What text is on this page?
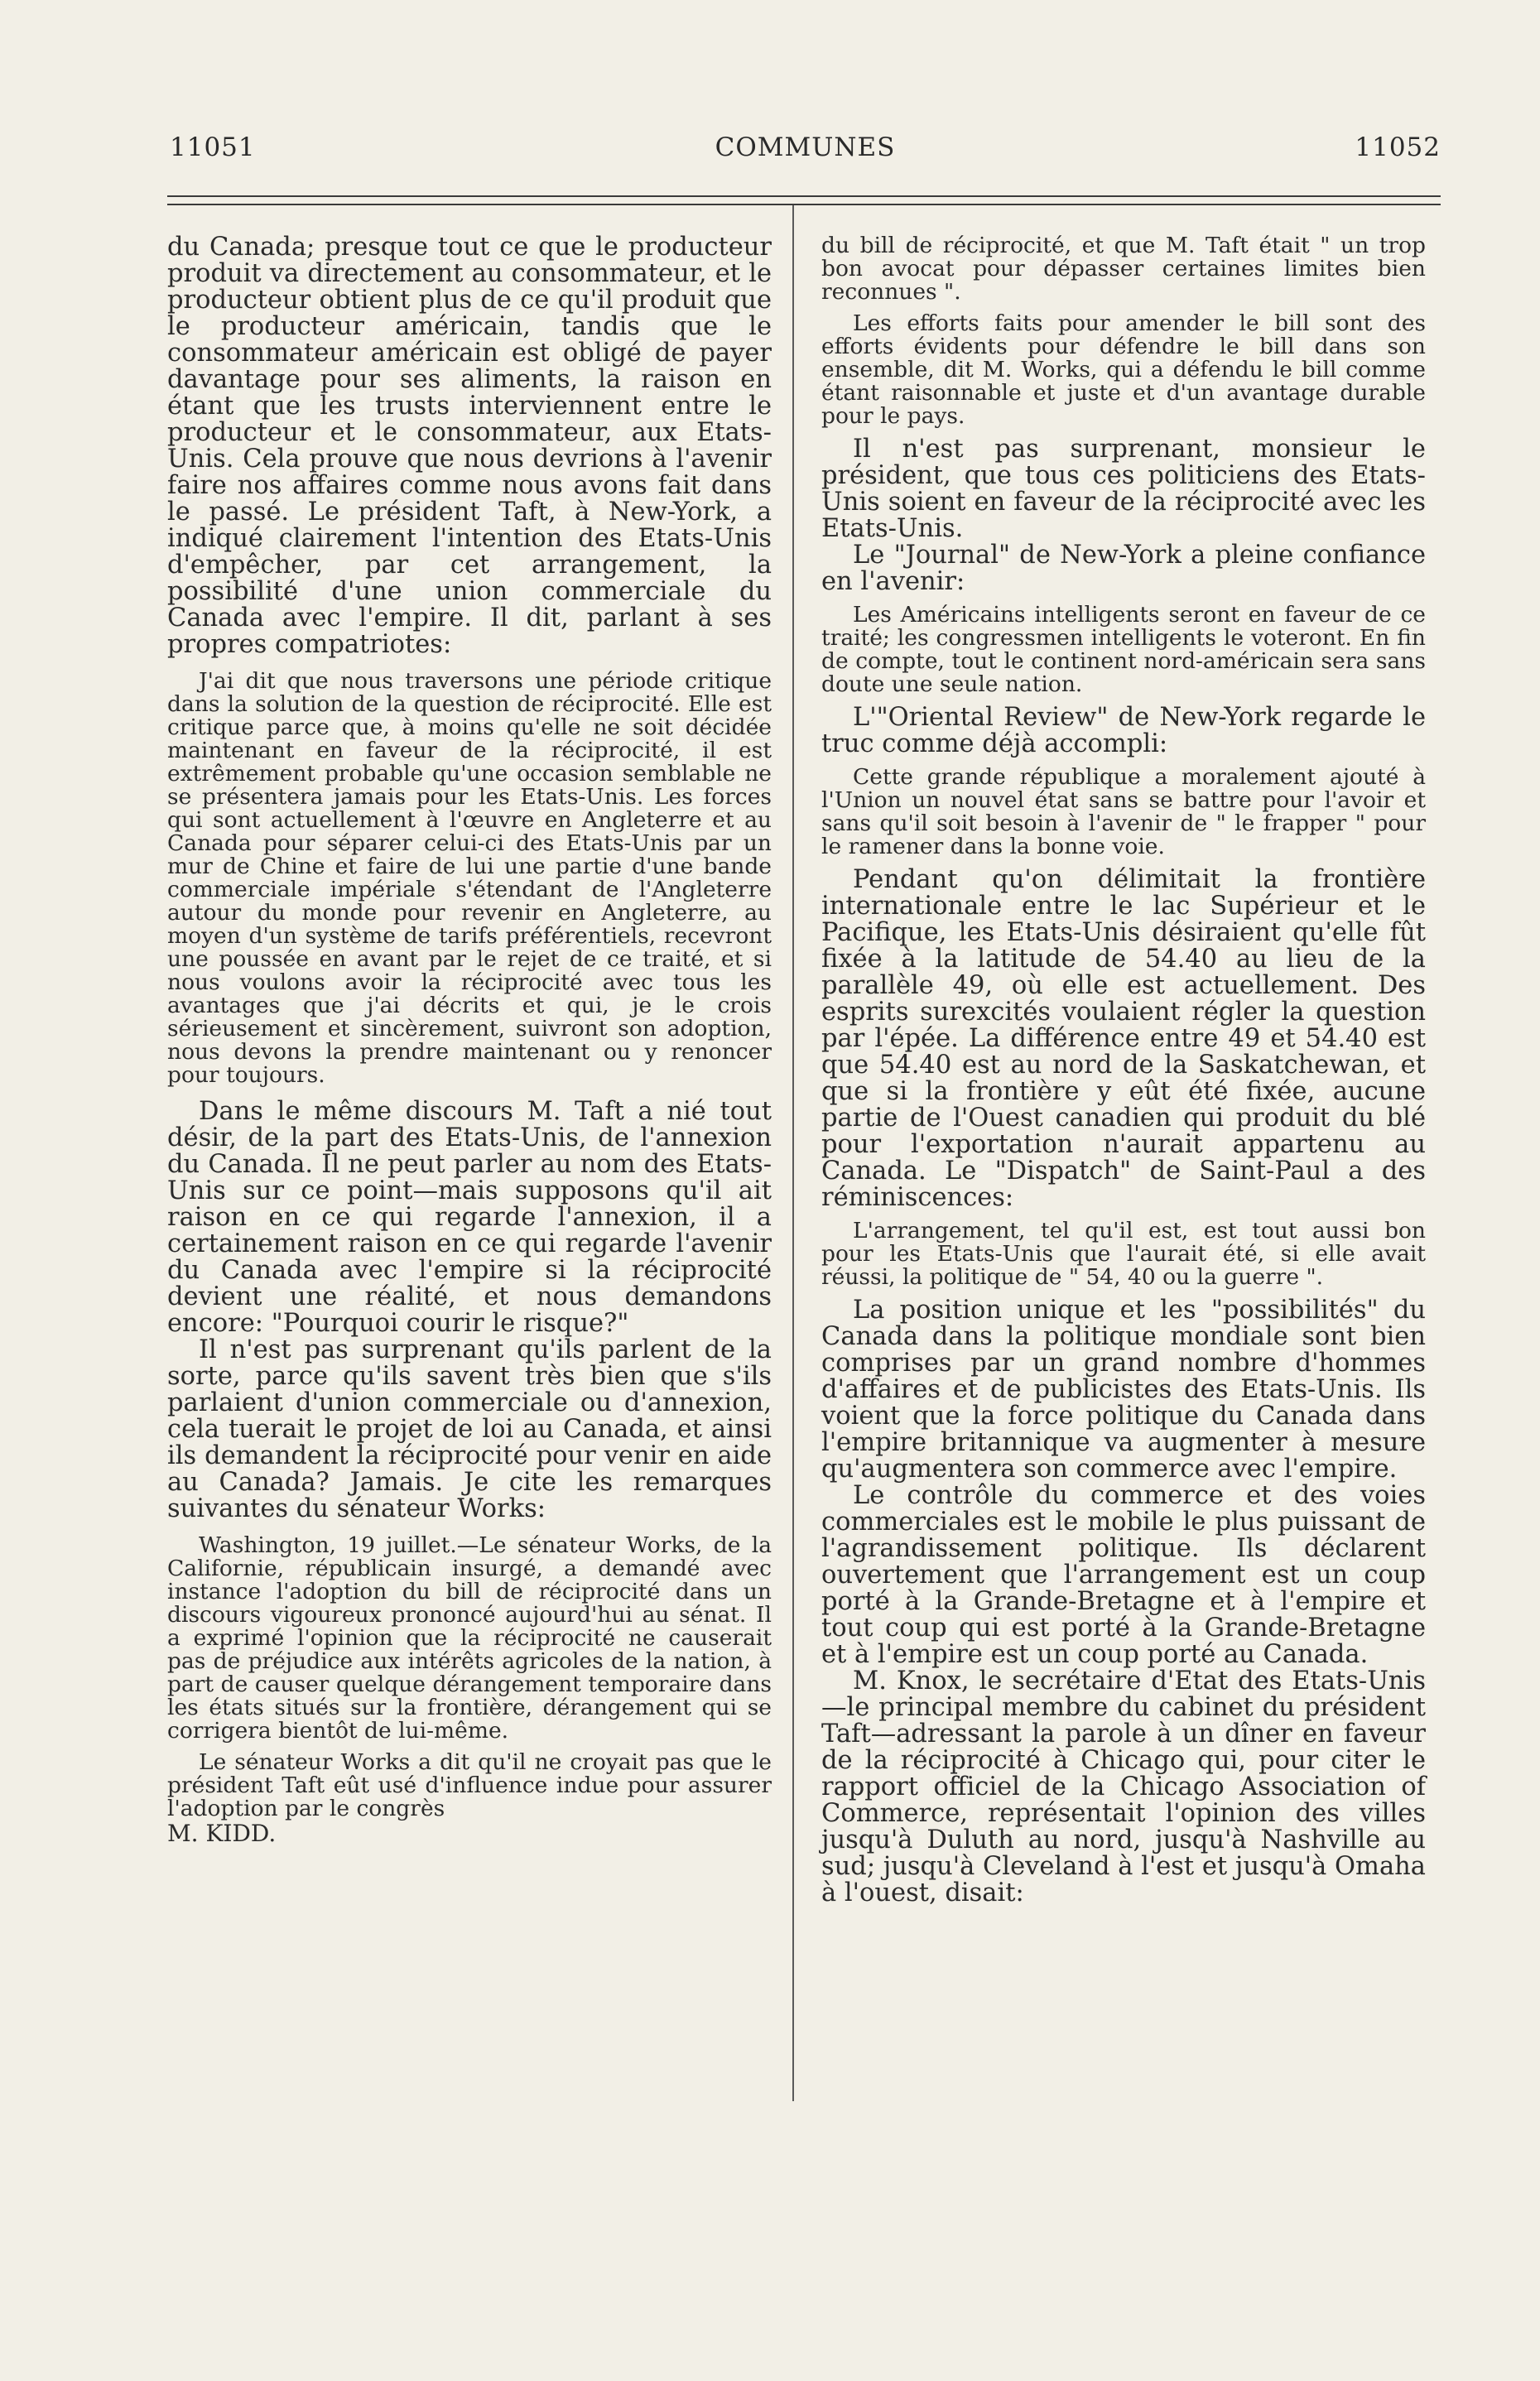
11051	COMMUNES	11052

du Canada; presque tout ce que le producteur produit va directement au consommateur, et le producteur obtient plus de ce qu'il produit que le producteur américain, tandis que le consommateur américain est obligé de payer davantage pour ses aliments, la raison en étant que les trusts interviennent entre le producteur et le consommateur, aux Etats-Unis. Cela prouve que nous devrions à l'avenir faire nos affaires comme nous avons fait dans le passé. Le président Taft, à New-York, a indiqué clairement l'intention des Etats-Unis d'empêcher, par cet arrangement, la possibilité d'une union commerciale du Canada avec l'empire. Il dit, parlant à ses propres compatriotes:

J'ai dit que nous traversons une période critique dans la solution de la question de réciprocité. Elle est critique parce que, à moins qu'elle ne soit décidée maintenant en faveur de la réciprocité, il est extrêmement probable qu'une occasion semblable ne se présentera jamais pour les Etats-Unis. Les forces qui sont actuellement à l'œuvre en Angleterre et au Canada pour séparer celui-ci des Etats-Unis par un mur de Chine et faire de lui une partie d'une bande commerciale impériale s'étendant de l'Angleterre autour du monde pour revenir en Angleterre, au moyen d'un système de tarifs préférentiels, recevront une poussée en avant par le rejet de ce traité, et si nous voulons avoir la réciprocité avec tous les avantages que j'ai décrits et qui, je le crois sérieusement et sincèrement, suivront son adoption, nous devons la prendre maintenant ou y renoncer pour toujours.

Dans le même discours M. Taft a nié tout désir, de la part des Etats-Unis, de l'annexion du Canada. Il ne peut parler au nom des Etats-Unis sur ce point—mais supposons qu'il ait raison en ce qui regarde l'annexion, il a certainement raison en ce qui regarde l'avenir du Canada avec l'empire si la réciprocité devient une réalité, et nous demandons encore: "Pourquoi courir le risque?"

Il n'est pas surprenant qu'ils parlent de la sorte, parce qu'ils savent très bien que s'ils parlaient d'union commerciale ou d'annexion, cela tuerait le projet de loi au Canada, et ainsi ils demandent la réciprocité pour venir en aide au Canada? Jamais. Je cite les remarques suivantes du sénateur Works:

Washington, 19 juillet.—Le sénateur Works, de la Californie, républicain insurgé, a demandé avec instance l'adoption du bill de réciprocité dans un discours vigoureux prononcé aujourd'hui au sénat. Il a exprimé l'opinion que la réciprocité ne causerait pas de préjudice aux intérêts agricoles de la nation, à part de causer quelque dérangement temporaire dans les états situés sur la frontière, dérangement qui se corrigera bientôt de lui-même.

Le sénateur Works a dit qu'il ne croyait pas que le président Taft eût usé d'influence indue pour assurer l'adoption par le congrès

M. KIDD.

du bill de réciprocité, et que M. Taft était " un trop bon avocat pour dépasser certaines limites bien reconnues ".

Les efforts faits pour amender le bill sont des efforts évidents pour défendre le bill dans son ensemble, dit M. Works, qui a défendu le bill comme étant raisonnable et juste et d'un avantage durable pour le pays.

Il n'est pas surprenant, monsieur le président, que tous ces politiciens des Etats-Unis soient en faveur de la réciprocité avec les Etats-Unis.

Le "Journal" de New-York a pleine confiance en l'avenir:

Les Américains intelligents seront en faveur de ce traité; les congressmen intelligents le voteront. En fin de compte, tout le continent nord-américain sera sans doute une seule nation.

L'"Oriental Review" de New-York regarde le truc comme déjà accompli:

Cette grande république a moralement ajouté à l'Union un nouvel état sans se battre pour l'avoir et sans qu'il soit besoin à l'avenir de " le frapper " pour le ramener dans la bonne voie.

Pendant qu'on délimitait la frontière internationale entre le lac Supérieur et le Pacifique, les Etats-Unis désiraient qu'elle fût fixée à la latitude de 54.40 au lieu de la parallèle 49, où elle est actuellement. Des esprits surexcités voulaient régler la question par l'épée. La différence entre 49 et 54.40 est que 54.40 est au nord de la Saskatchewan, et que si la frontière y eût été fixée, aucune partie de l'Ouest canadien qui produit du blé pour l'exportation n'aurait appartenu au Canada. Le "Dispatch" de Saint-Paul a des réminiscences:

L'arrangement, tel qu'il est, est tout aussi bon pour les Etats-Unis que l'aurait été, si elle avait réussi, la politique de " 54, 40 ou la guerre ".

La position unique et les "possibilités" du Canada dans la politique mondiale sont bien comprises par un grand nombre d'hommes d'affaires et de publicistes des Etats-Unis. Ils voient que la force politique du Canada dans l'empire britannique va augmenter à mesure qu'augmentera son commerce avec l'empire.

Le contrôle du commerce et des voies commerciales est le mobile le plus puissant de l'agrandissement politique. Ils déclarent ouvertement que l'arrangement est un coup porté à la Grande-Bretagne et à l'empire et tout coup qui est porté à la Grande-Bretagne et à l'empire est un coup porté au Canada.

M. Knox, le secrétaire d'Etat des Etats-Unis—le principal membre du cabinet du président Taft—adressant la parole à un dîner en faveur de la réciprocité à Chicago qui, pour citer le rapport officiel de la Chicago Association of Commerce, représentait l'opinion des villes jusqu'à Duluth au nord, jusqu'à Nashville au sud; jusqu'à Cleveland à l'est et jusqu'à Omaha à l'ouest, disait:
